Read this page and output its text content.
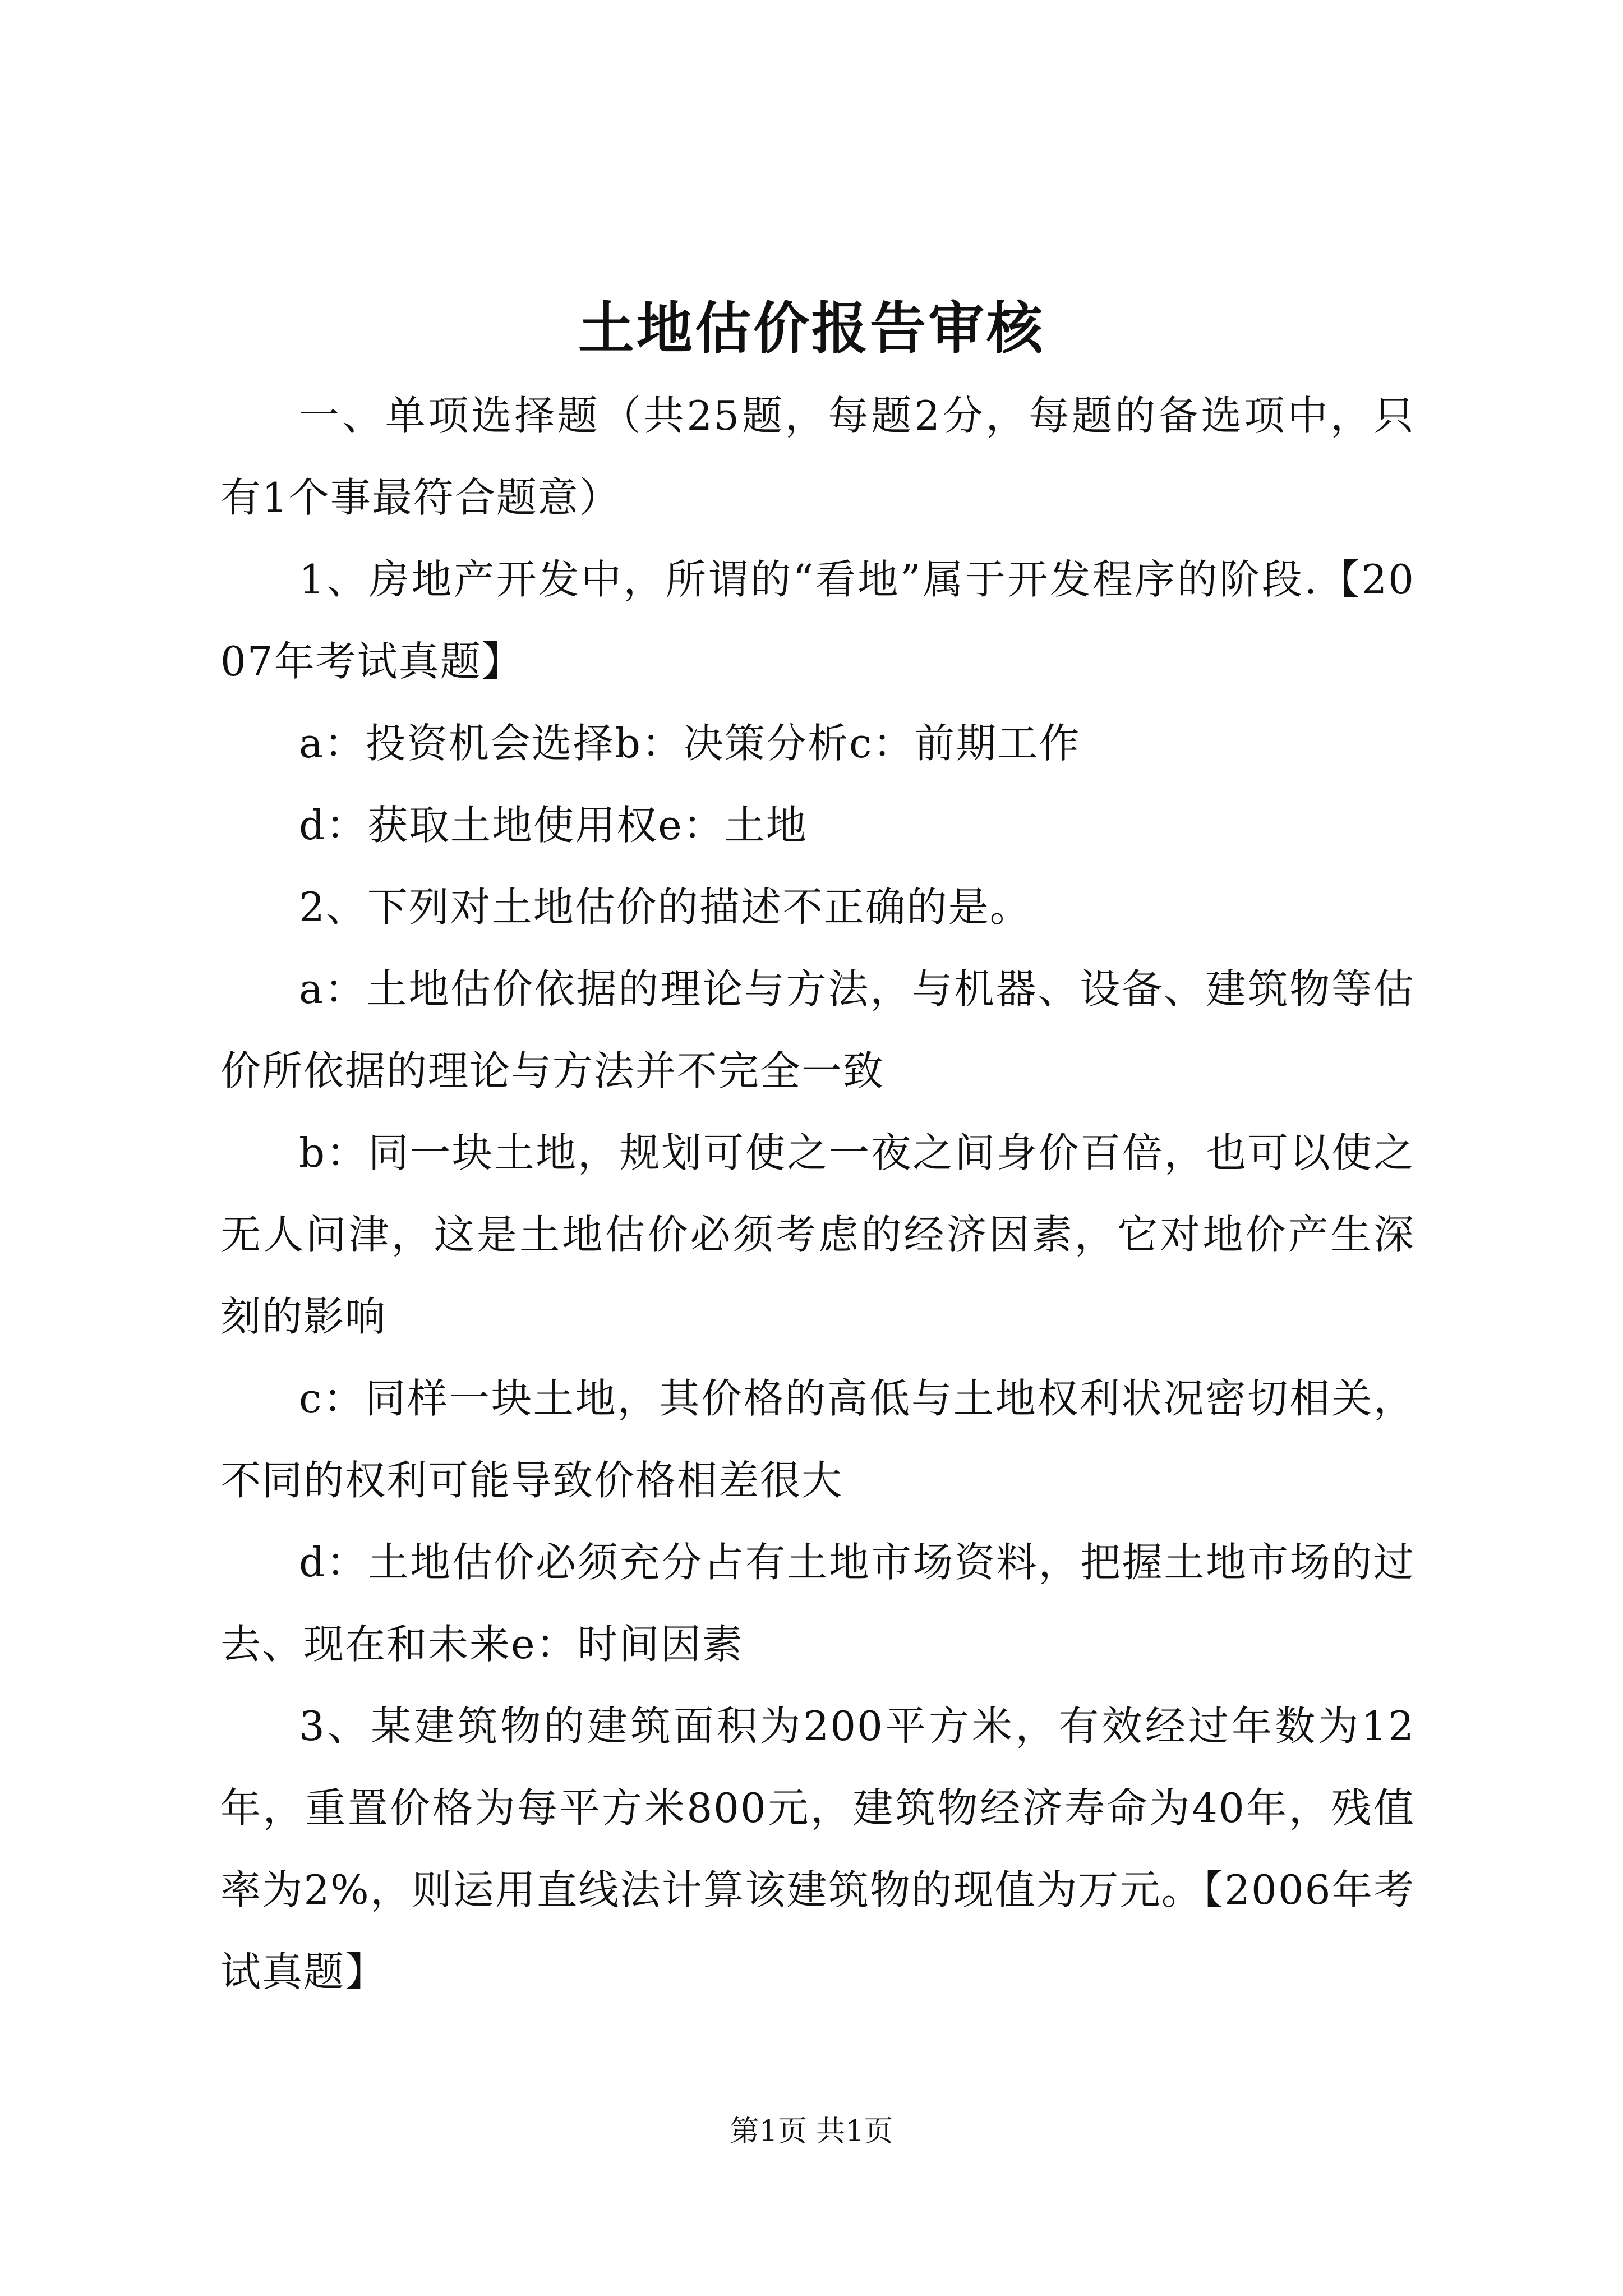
土地估价报告审核

一、单项选择题（共25题，每题2分，每题的备选项中，只有1个事最符合题意）

1、房地产开发中，所谓的“看地”属于开发程序的阶段.【2007年考试真题】

a：投资机会选择b：决策分析c：前期工作

d：获取土地使用权e：土地

2、下列对土地估价的描述不正确的是。

a：土地估价依据的理论与方法，与机器、设备、建筑物等估价所依据的理论与方法并不完全一致

b：同一块土地，规划可使之一夜之间身价百倍，也可以使之无人问津，这是土地估价必须考虑的经济因素，它对地价产生深刻的影响

c：同样一块土地，其价格的高低与土地权利状况密切相关，不同的权利可能导致价格相差很大

d：土地估价必须充分占有土地市场资料，把握土地市场的过去、现在和未来e：时间因素

3、某建筑物的建筑面积为200平方米，有效经过年数为12年，重置价格为每平方米800元，建筑物经济寿命为40年，残值率为2%，则运用直线法计算该建筑物的现值为万元。【2006年考试真题】

第1页 共1页
